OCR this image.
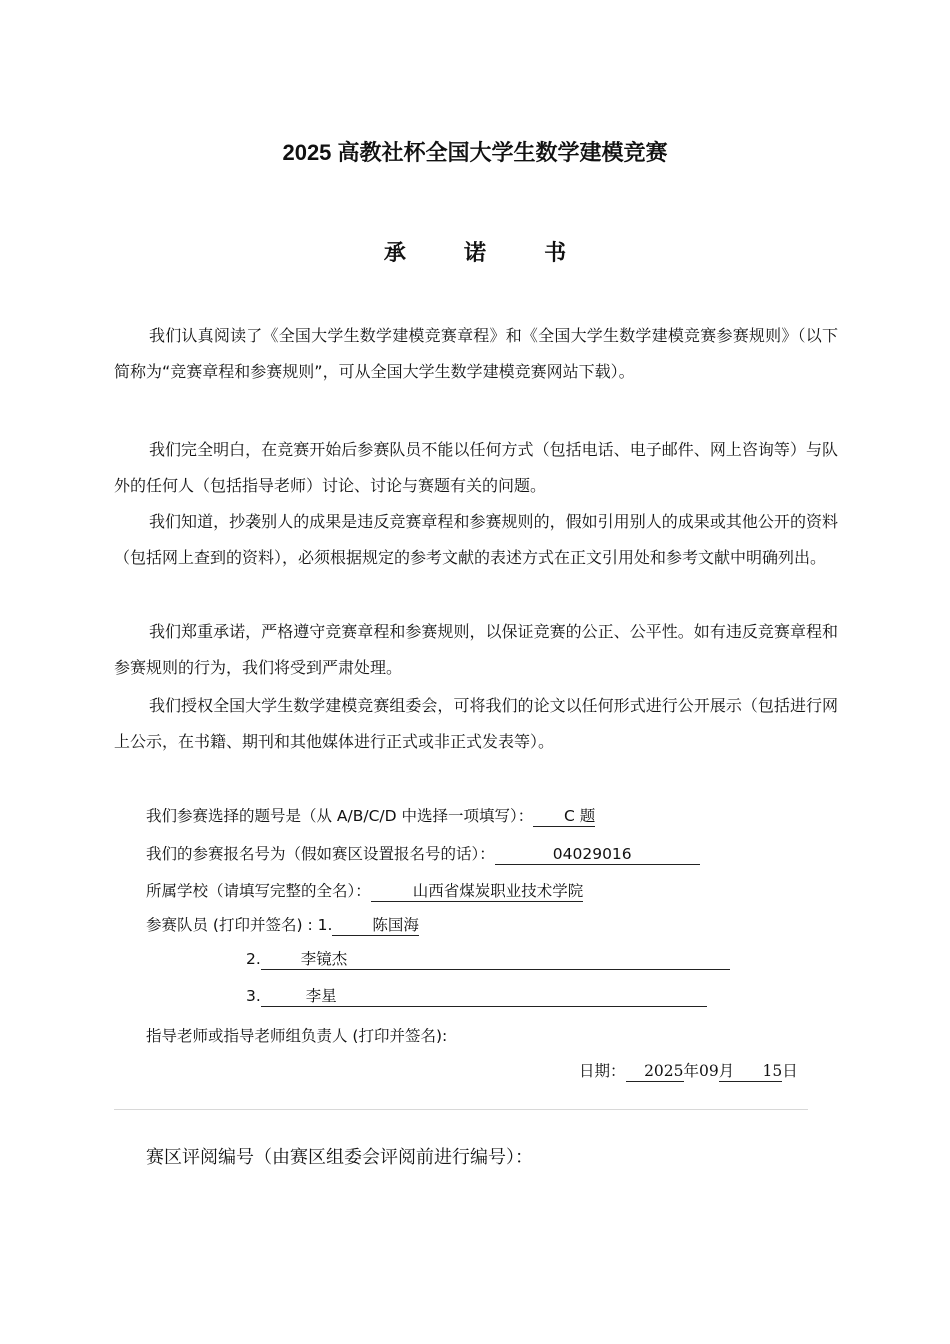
2025 高教社杯全国大学生数学建模竞赛
承 诺 书
我们认真阅读了《全国大学生数学建模竞赛章程》和《全国大学生数学建模竞赛参赛规则》（以下简称为“竞赛章程和参赛规则”，可从全国大学生数学建模竞赛网站下载）。
我们完全明白，在竞赛开始后参赛队员不能以任何方式（包括电话、电子邮件、网上咨询等）与队外的任何人（包括指导老师）讨论、讨论与赛题有关的问题。
我们知道，抄袭别人的成果是违反竞赛章程和参赛规则的，假如引用别人的成果或其他公开的资料（包括网上查到的资料），必须根据规定的参考文献的表述方式在正文引用处和参考文献中明确列出。
我们郑重承诺，严格遵守竞赛章程和参赛规则，以保证竞赛的公正、公平性。如有违反竞赛章程和参赛规则的行为，我们将受到严肃处理。
我们授权全国大学生数学建模竞赛组委会，可将我们的论文以任何形式进行公开展示（包括进行网上公示，在书籍、期刊和其他媒体进行正式或非正式发表等）。
我们参赛选择的题号是（从 A/B/C/D 中选择一项填写）： C 题
我们的参赛报名号为（假如赛区设置报名号的话）：	04029016
所属学校（请填写完整的全名）：	山西省煤炭职业技术学院
参赛队员 (打印并签名) : 1.	陈国海
2.	李镜杰
3.	李星
指导老师或指导老师组负责人 (打印并签名):
日期： 2025年09月 15日
赛区评阅编号（由赛区组委会评阅前进行编号）：
